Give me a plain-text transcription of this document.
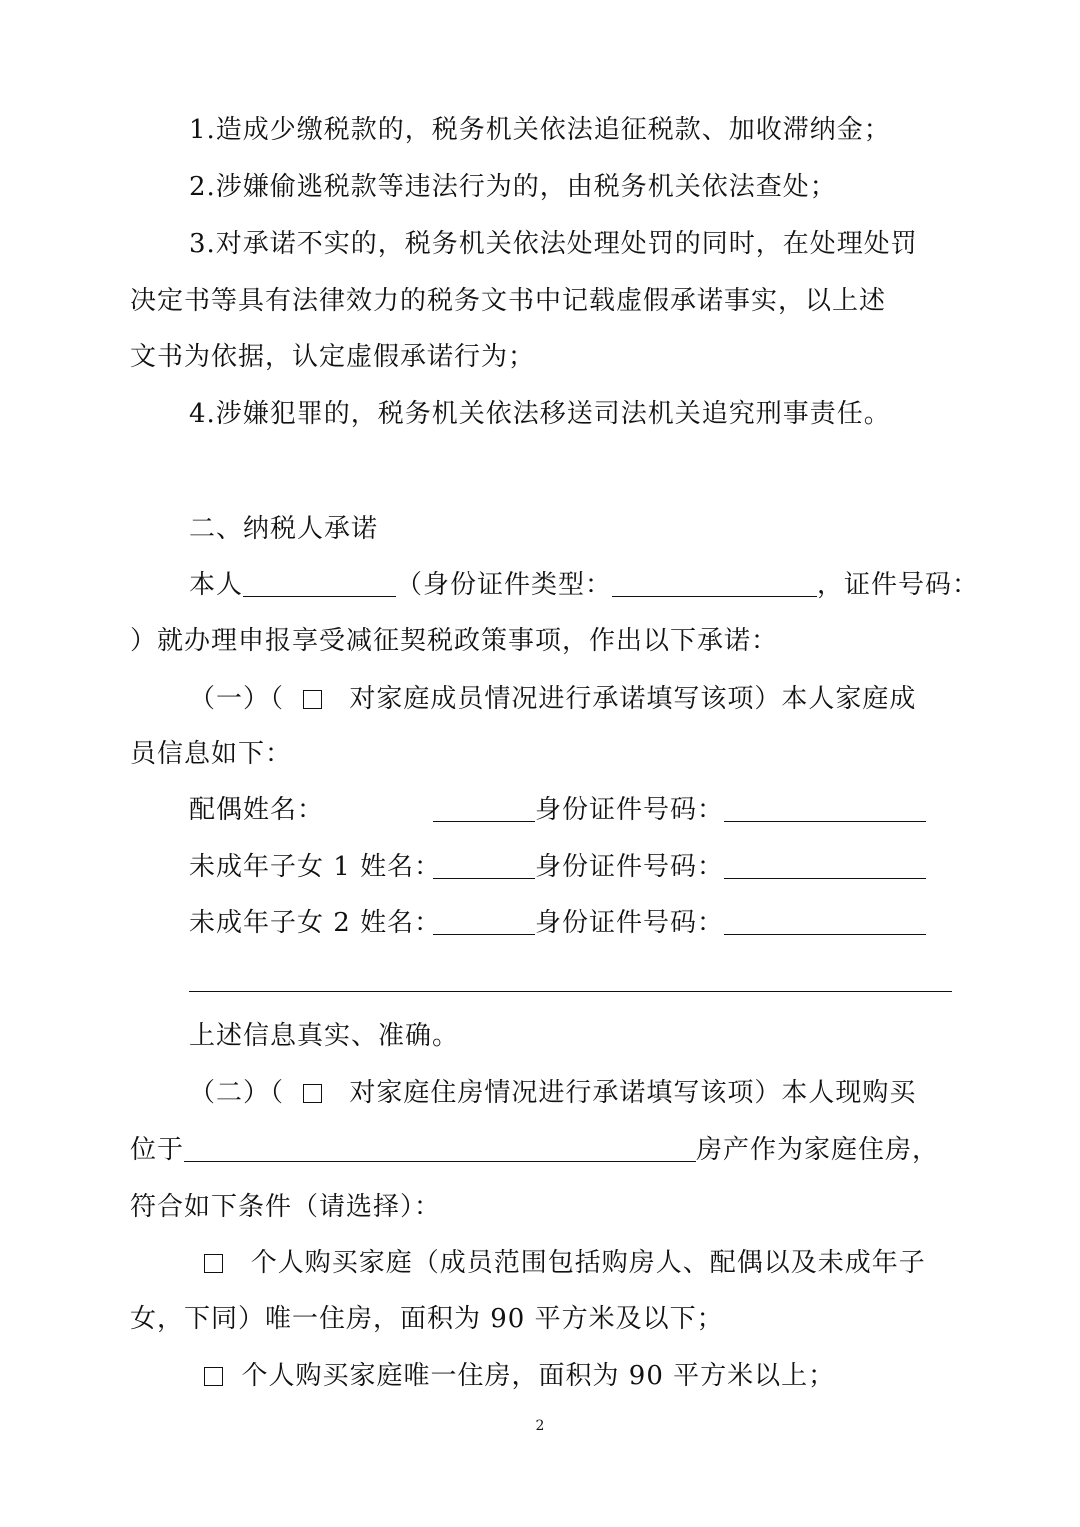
1.造成少缴税款的，税务机关依法追征税款、加收滞纳金；
2.涉嫌偷逃税款等违法行为的，由税务机关依法查处；
3.对承诺不实的，税务机关依法处理处罚的同时，在处理处罚
决定书等具有法律效力的税务文书中记载虚假承诺事实，以上述
文书为依据，认定虚假承诺行为；
4.涉嫌犯罪的，税务机关依法移送司法机关追究刑事责任。
二、纳税人承诺
本人	（身份证件类型：	，证件号码：
）就办理申报享受减征契税政策事项，作出以下承诺：
（一）（	对家庭成员情况进行承诺填写该项）本人家庭成
员信息如下：
配偶姓名：	身份证件号码：
未成年子女 1 姓名：	身份证件号码：
未成年子女 2 姓名：	身份证件号码：
上述信息真实、准确。
（二）（	对家庭住房情况进行承诺填写该项）本人现购买
位于	房产作为家庭住房，
符合如下条件（请选择）：
个人购买家庭（成员范围包括购房人、配偶以及未成年子
女，下同）唯一住房，面积为 90 平方米及以下；
个人购买家庭唯一住房，面积为 90 平方米以上；
2
